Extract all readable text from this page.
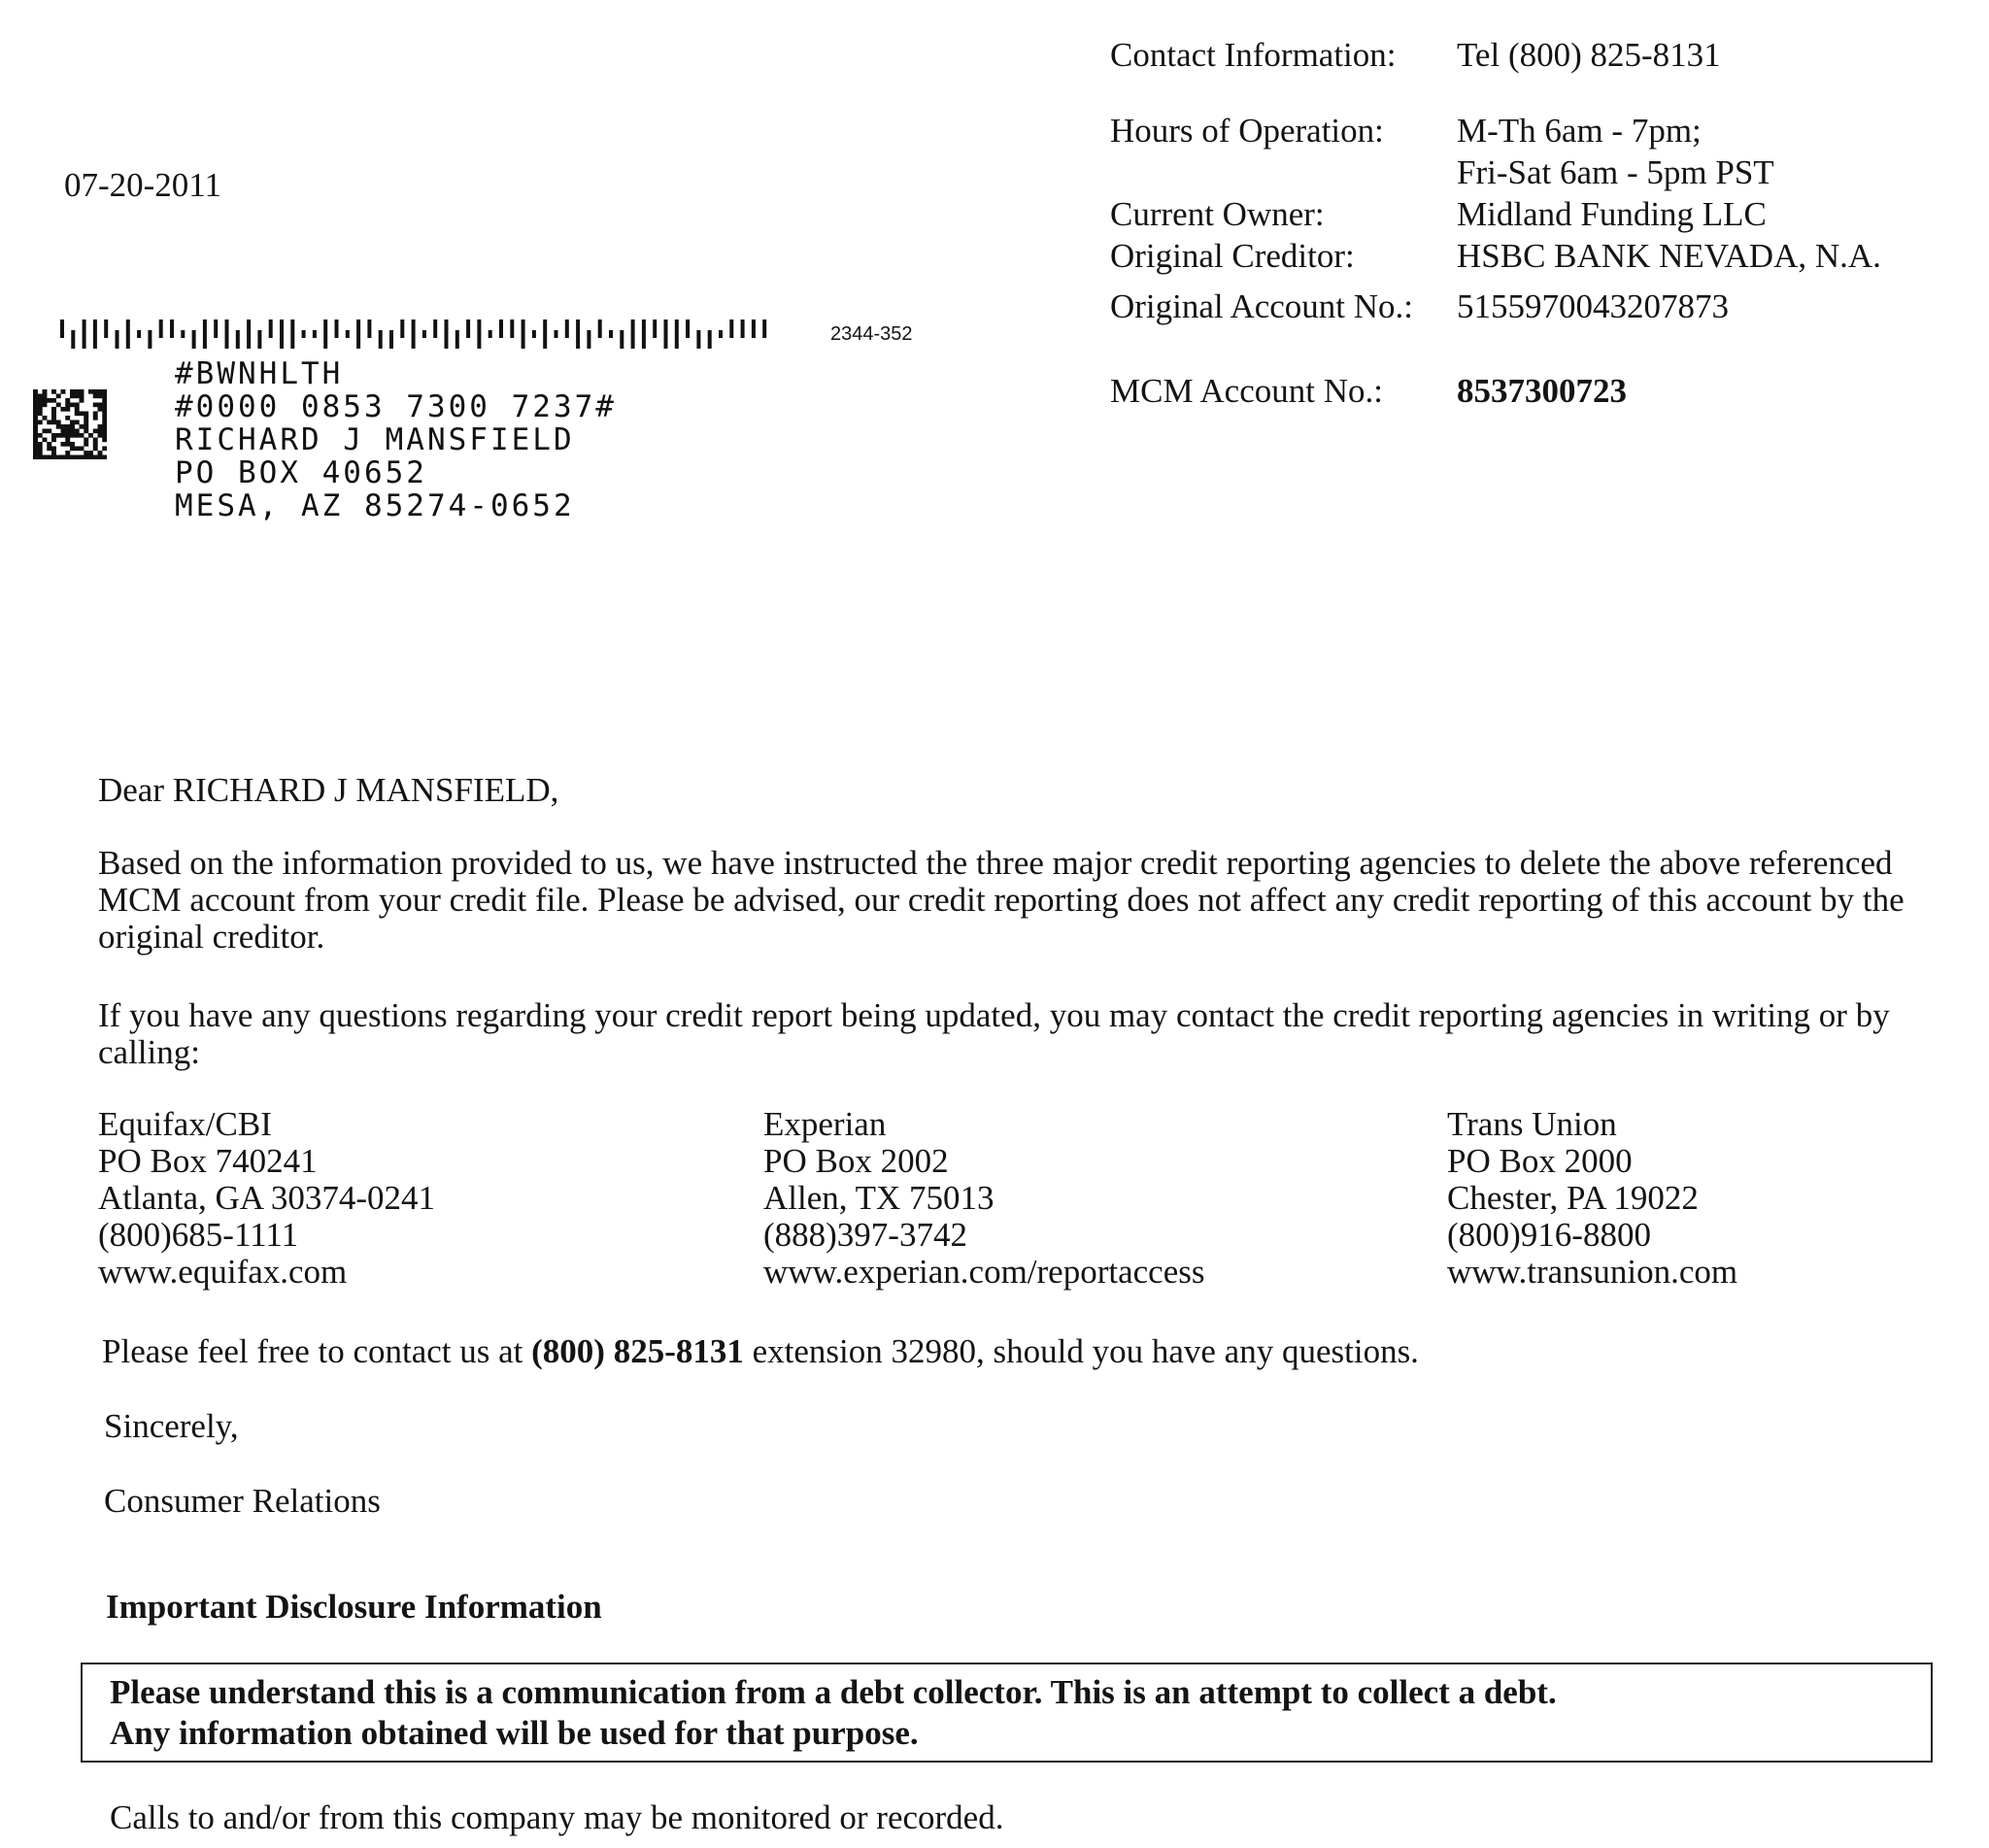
Contact Information: Tel (800) 825-8131
Hours of Operation: M-Th 6am - 7pm;
Fri-Sat 6am - 5pm PST
Current Owner:	Midland Funding LLC
Original Creditor:	HSBC BANK NEVADA, N.A.
Original Account No.: 5155970043207873
MCM Account No.: 8537300723
07-20-2011
2344-352
#BWNHLTH
#0000 0853 7300 7237#
RICHARD J MANSFIELD
PO BOX 40652
MESA, AZ 85274-0652
Dear RICHARD J MANSFIELD,
Based on the information provided to us, we have instructed the three major credit reporting agencies to delete the above referenced MCM account from your credit file. Please be advised, our credit reporting does not affect any credit reporting of this account by the original creditor.
If you have any questions regarding your credit report being updated, you may contact the credit reporting agencies in writing or by calling:
Equifax/CBI
PO Box 740241
Atlanta, GA 30374-0241
(800)685-1111
www.equifax.com
Experian
PO Box 2002
Allen, TX 75013
(888)397-3742
www.experian.com/reportaccess
Trans Union
PO Box 2000
Chester, PA 19022
(800)916-8800
www.transunion.com
Please feel free to contact us at (800) 825-8131 extension 32980, should you have any questions.
Sincerely,
Consumer Relations
Important Disclosure Information
Please understand this is a communication from a debt collector. This is an attempt to collect a debt.
Any information obtained will be used for that purpose.
Calls to and/or from this company may be monitored or recorded.
